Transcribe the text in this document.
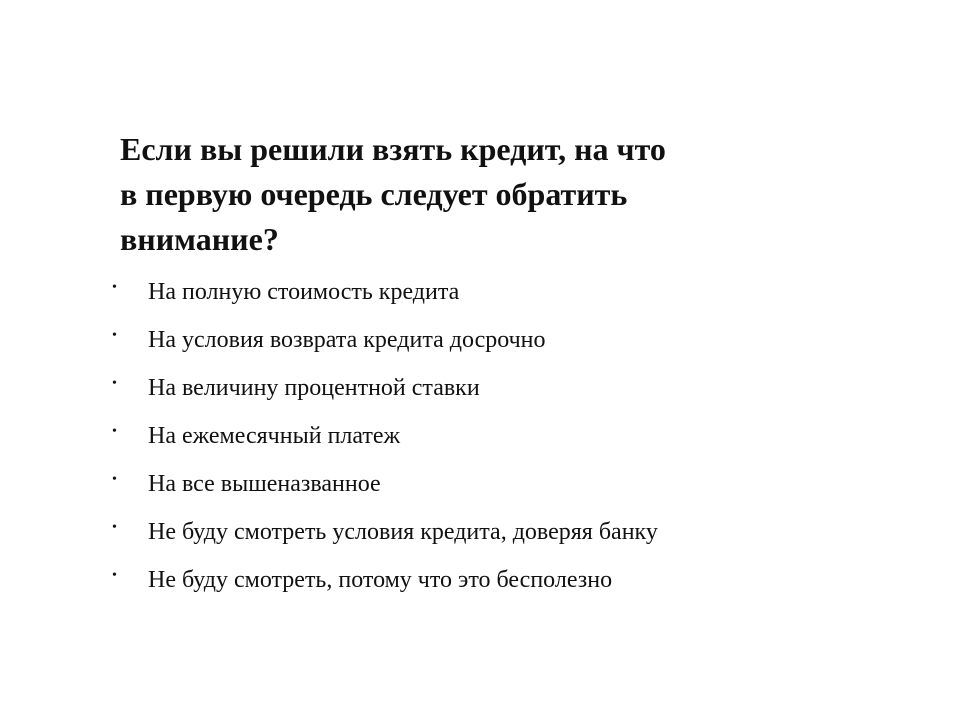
Если вы решили взять кредит, на что
в первую очередь следует обратить
внимание?
•	На полную стоимость кредита
•	На условия возврата кредита досрочно
•	На величину процентной ставки
•	На ежемесячный платеж
•	На все вышеназванное
•	Не буду смотреть условия кредита, доверяя банку
•	Не буду смотреть, потому что это бесполезно
